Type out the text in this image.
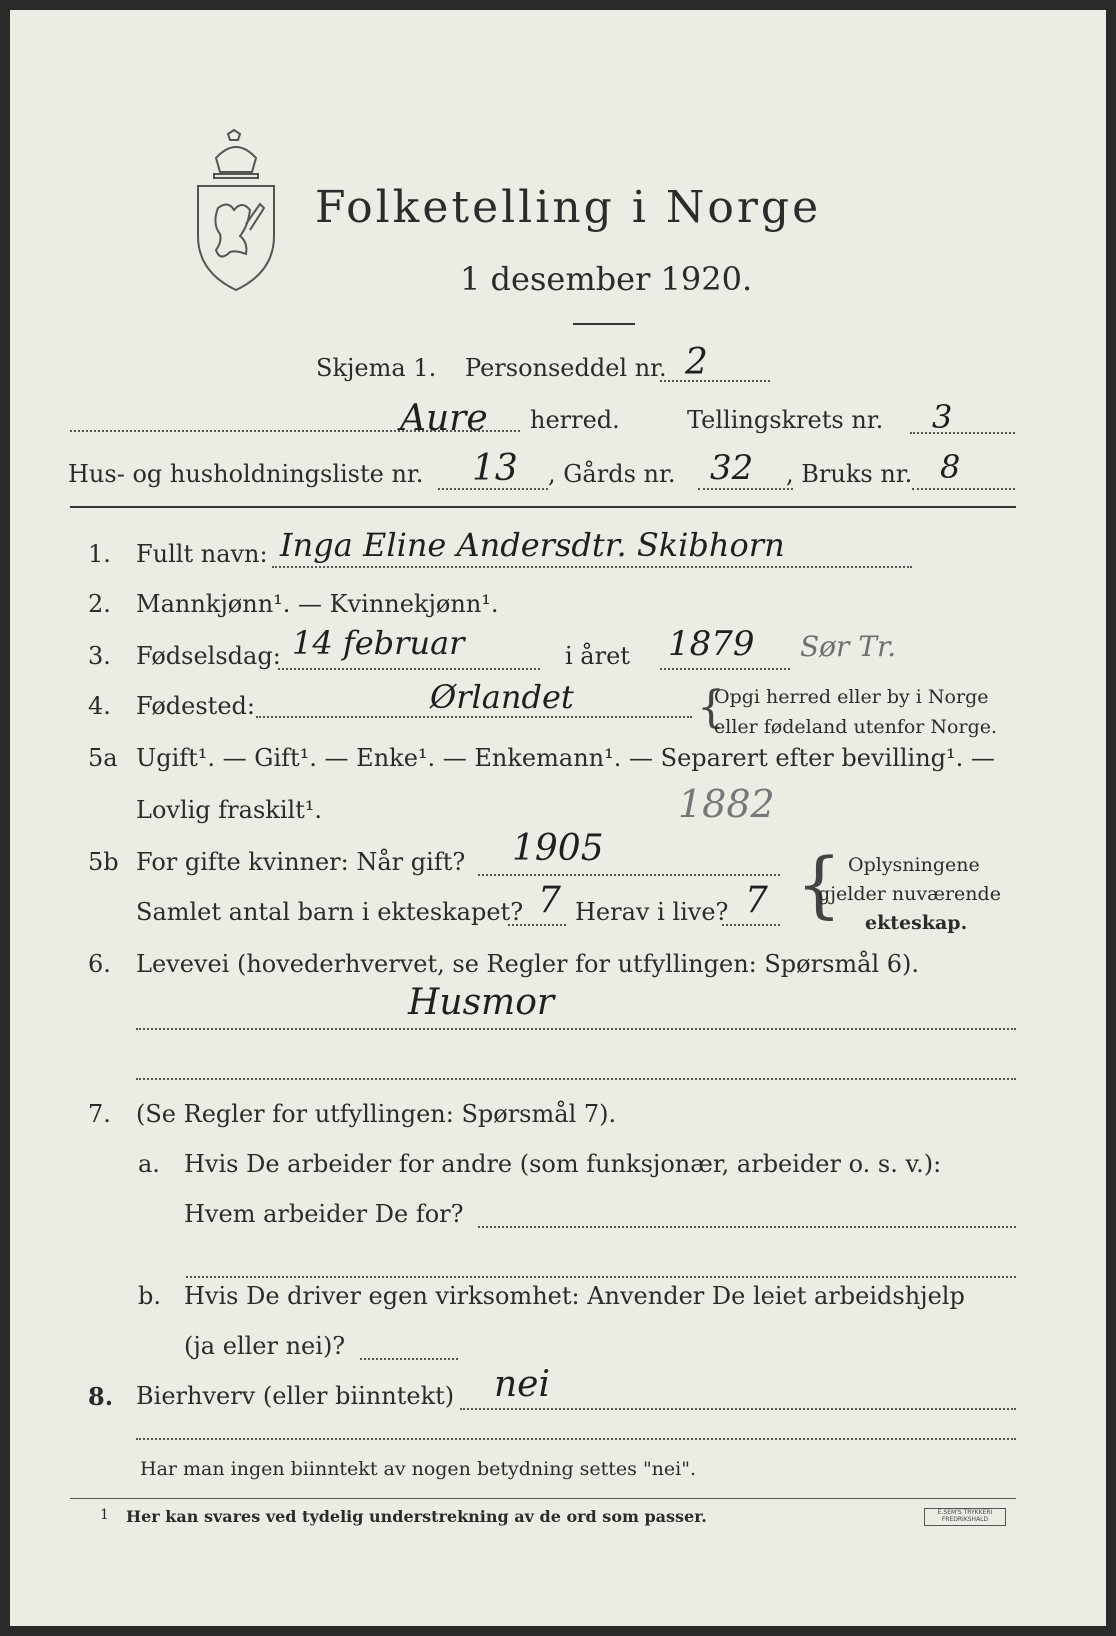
Folketelling i Norge
1 desember 1920.
Skjema 1. Personseddel nr. 2
Aure herred.	Tellingskrets nr. 3
Hus- og husholdningsliste nr. 13 , Gårds nr. 32 , Bruks nr. 8
1. Fullt navn: Inga Eline Andersdtr. Skibhorn
2. Mannkjønn¹. — Kvinnekjønn¹.
3. Fødselsdag: 14 februar	i året 1879 Sør Tr.
4. Fødested:	Ørlandet	{
Opgi herred eller by i Norge
eller fødeland utenfor Norge.
5a Ugift¹. — Gift¹. — Enke¹. — Enkemann¹. — Separert efter bevilling¹. —
Lovlig fraskilt¹.	1882
5b For gifte kvinner: Når gift? 1905
Samlet antal barn i ekteskapet? 7 Herav i live? 7 { Oplysningene
gjelder nuværende
ekteskap.
6. Levevei (hovederhvervet, se Regler for utfyllingen: Spørsmål 6).
Husmor
7. (Se Regler for utfyllingen: Spørsmål 7).
a. Hvis De arbeider for andre (som funksjonær, arbeider o. s. v.):
Hvem arbeider De for?
b. Hvis De driver egen virksomhet: Anvender De leiet arbeidshjelp
(ja eller nei)?
8. Bierhverv (eller biinntekt) nei
Har man ingen biinntekt av nogen betydning settes "nei".
1 Her kan svares ved tydelig understrekning av de ord som passer.	E.SEM'S TRYKKERI FREDRIKSHALD
